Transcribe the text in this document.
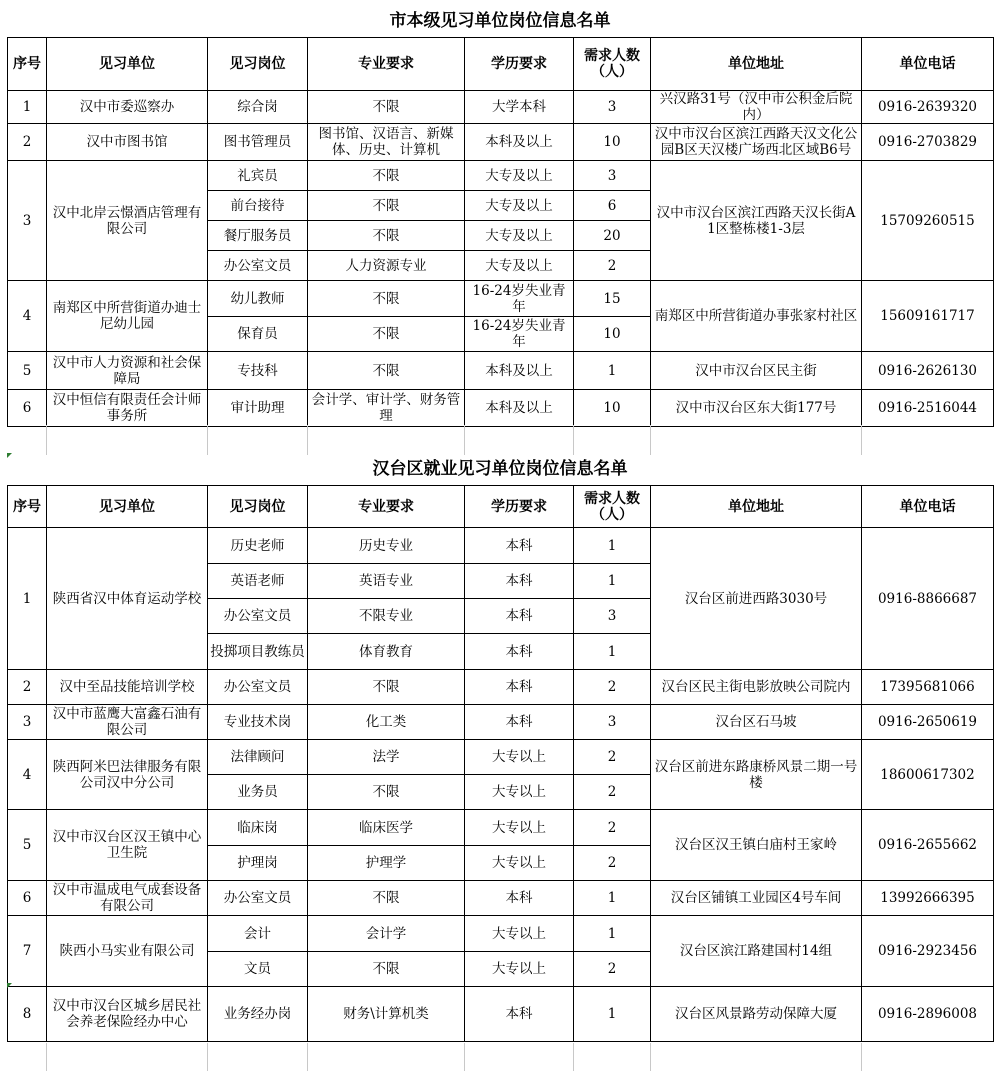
市本级见习单位岗位信息名单
序号	见习单位	见习岗位	专业要求	学历要求	需求人数（人）	单位地址	单位电话
1	汉中市委巡察办	综合岗	不限	大学本科	3	兴汉路31号（汉中市公积金后院内）	0916-2639320
2	汉中市图书馆	图书管理员	图书馆、汉语言、新媒体、历史、计算机	本科及以上	10	汉中市汉台区滨江西路天汉文化公园B区天汉楼广场西北区域B6号	0916-2703829
3	汉中北岸云憬酒店管理有限公司	礼宾员	不限	大专及以上	3	汉中市汉台区滨江西路天汉长街A1区整栋楼1-3层	15709260515
		前台接待	不限	大专及以上	6		
		餐厅服务员	不限	大专及以上	20		
		办公室文员	人力资源专业	大专及以上	2		
4	南郑区中所营街道办迪士尼幼儿园	幼儿教师	不限	16-24岁失业青年	15	南郑区中所营街道办事张家村社区	15609161717
		保育员	不限	16-24岁失业青年	10		
5	汉中市人力资源和社会保障局	专技科	不限	本科及以上	1	汉中市汉台区民主街	0916-2626130
6	汉中恒信有限责任会计师事务所	审计助理	会计学、审计学、财务管理	本科及以上	10	汉中市汉台区东大街177号	0916-2516044
汉台区就业见习单位岗位信息名单
序号	见习单位	见习岗位	专业要求	学历要求	需求人数（人）	单位地址	单位电话
1	陕西省汉中体育运动学校	历史老师	历史专业	本科	1	汉台区前进西路3030号	0916-8866687
		英语老师	英语专业	本科	1		
		办公室文员	不限专业	本科	3		
		投掷项目教练员	体育教育	本科	1		
2	汉中至品技能培训学校	办公室文员	不限	本科	2	汉台区民主街电影放映公司院内	17395681066
3	汉中市蓝鹰大富鑫石油有限公司	专业技术岗	化工类	本科	3	汉台区石马坡	0916-2650619
4	陕西阿米巴法律服务有限公司汉中分公司	法律顾问	法学	大专以上	2	汉台区前进东路康桥风景二期一号楼	18600617302
		业务员	不限	大专以上	2		
5	汉中市汉台区汉王镇中心卫生院	临床岗	临床医学	大专以上	2	汉台区汉王镇白庙村王家岭	0916-2655662
		护理岗	护理学	大专以上	2		
6	汉中市温成电气成套设备有限公司	办公室文员	不限	本科	1	汉台区铺镇工业园区4号车间	13992666395
7	陕西小马实业有限公司	会计	会计学	大专以上	1	汉台区滨江路建国村14组	0916-2923456
		文员	不限	大专以上	2		
8	汉中市汉台区城乡居民社会养老保险经办中心	业务经办岗	财务\计算机类	本科	1	汉台区风景路劳动保障大厦	0916-2896008
